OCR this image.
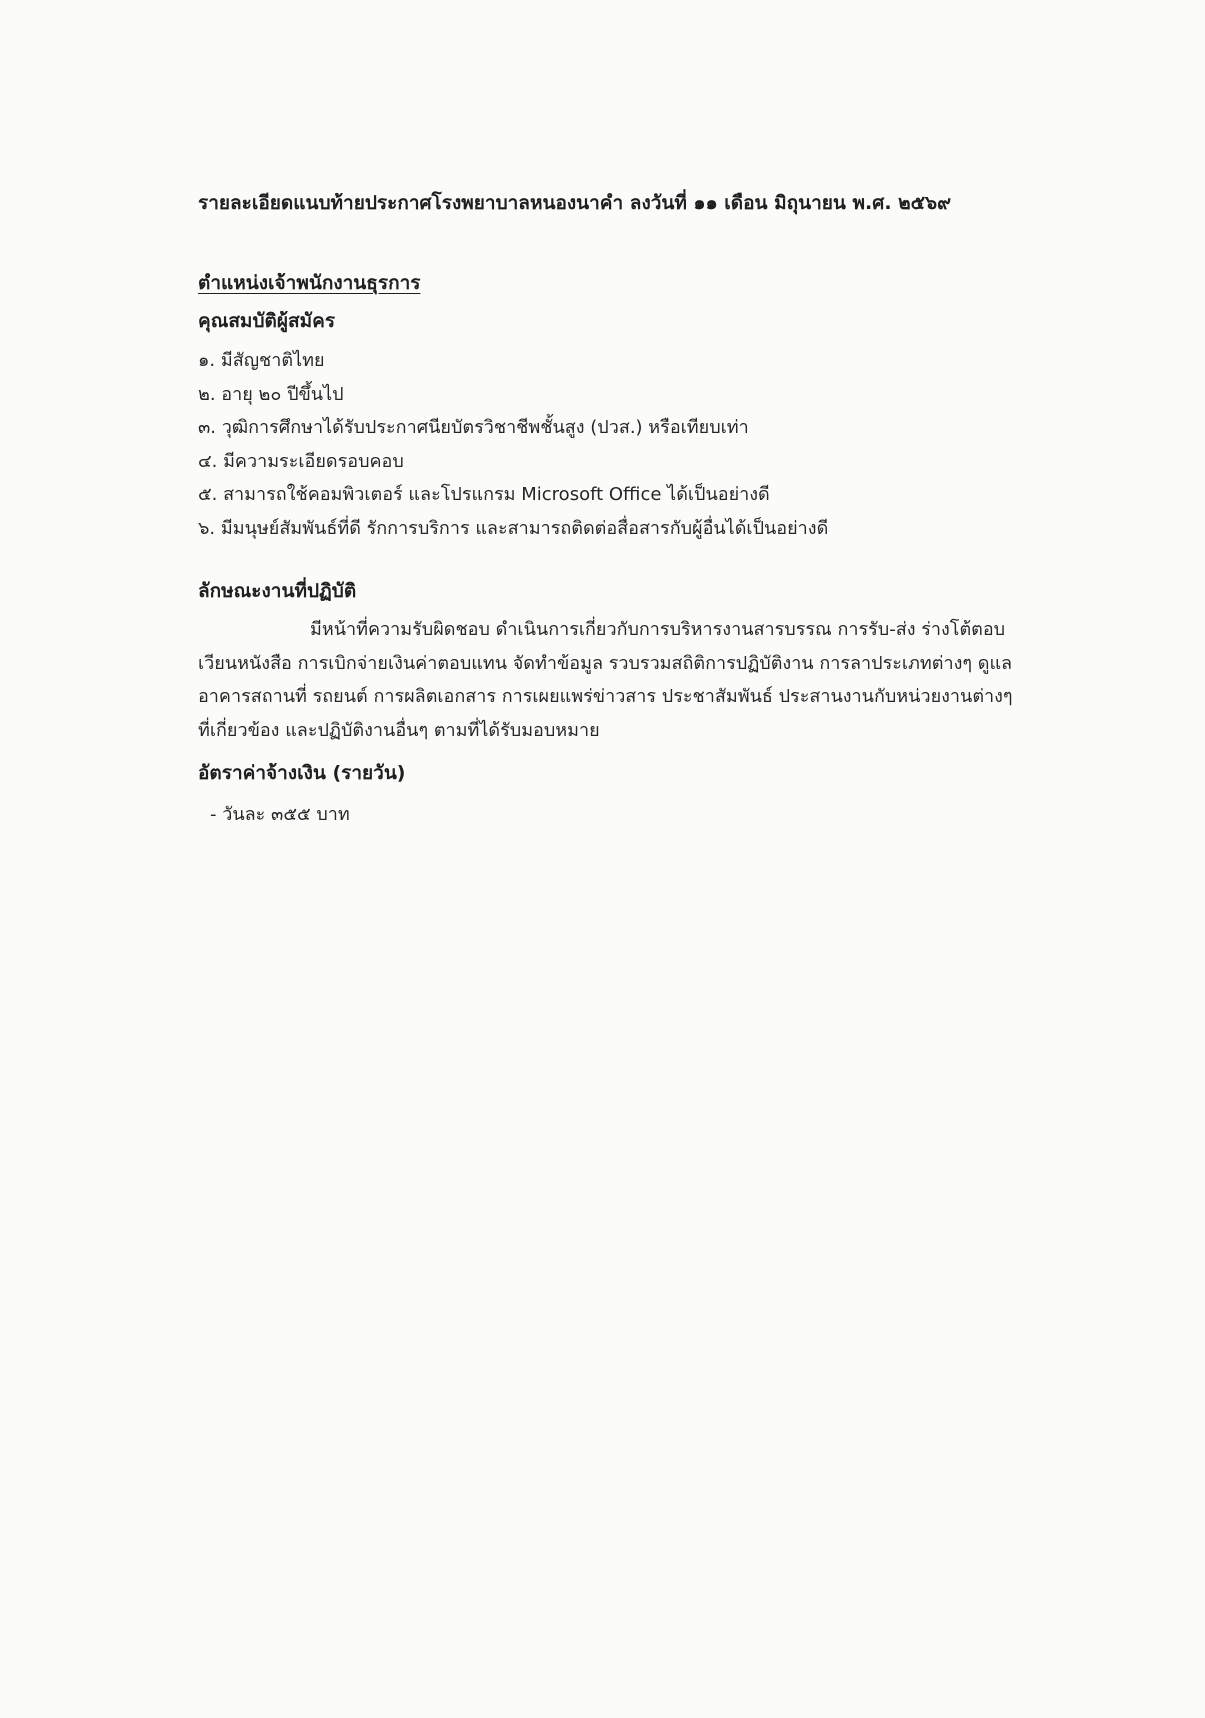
รายละเอียดแนบท้ายประกาศโรงพยาบาลหนองนาคำ ลงวันที่ ๑๑ เดือน มิถุนายน พ.ศ. ๒๕๖๙
ตำแหน่งเจ้าพนักงานธุรการ
คุณสมบัติผู้สมัคร
๑. มีสัญชาติไทย
๒. อายุ ๒๐ ปีขึ้นไป
๓. วุฒิการศึกษาได้รับประกาศนียบัตรวิชาชีพชั้นสูง (ปวส.) หรือเทียบเท่า
๔. มีความระเอียดรอบคอบ
๕. สามารถใช้คอมพิวเตอร์ และโปรแกรม Microsoft Office ได้เป็นอย่างดี
๖. มีมนุษย์สัมพันธ์ที่ดี รักการบริการ และสามารถติดต่อสื่อสารกับผู้อื่นได้เป็นอย่างดี
ลักษณะงานที่ปฏิบัติ
มีหน้าที่ความรับผิดชอบ ดำเนินการเกี่ยวกับการบริหารงานสารบรรณ การรับ-ส่ง ร่างโต้ตอบ
เวียนหนังสือ การเบิกจ่ายเงินค่าตอบแทน จัดทำข้อมูล รวบรวมสถิติการปฏิบัติงาน การลาประเภทต่างๆ ดูแล
อาคารสถานที่ รถยนต์ การผลิตเอกสาร การเผยแพร่ข่าวสาร ประชาสัมพันธ์ ประสานงานกับหน่วยงานต่างๆ
ที่เกี่ยวข้อง และปฏิบัติงานอื่นๆ ตามที่ได้รับมอบหมาย
อัตราค่าจ้างเงิน (รายวัน)
- วันละ ๓๕๕ บาท
